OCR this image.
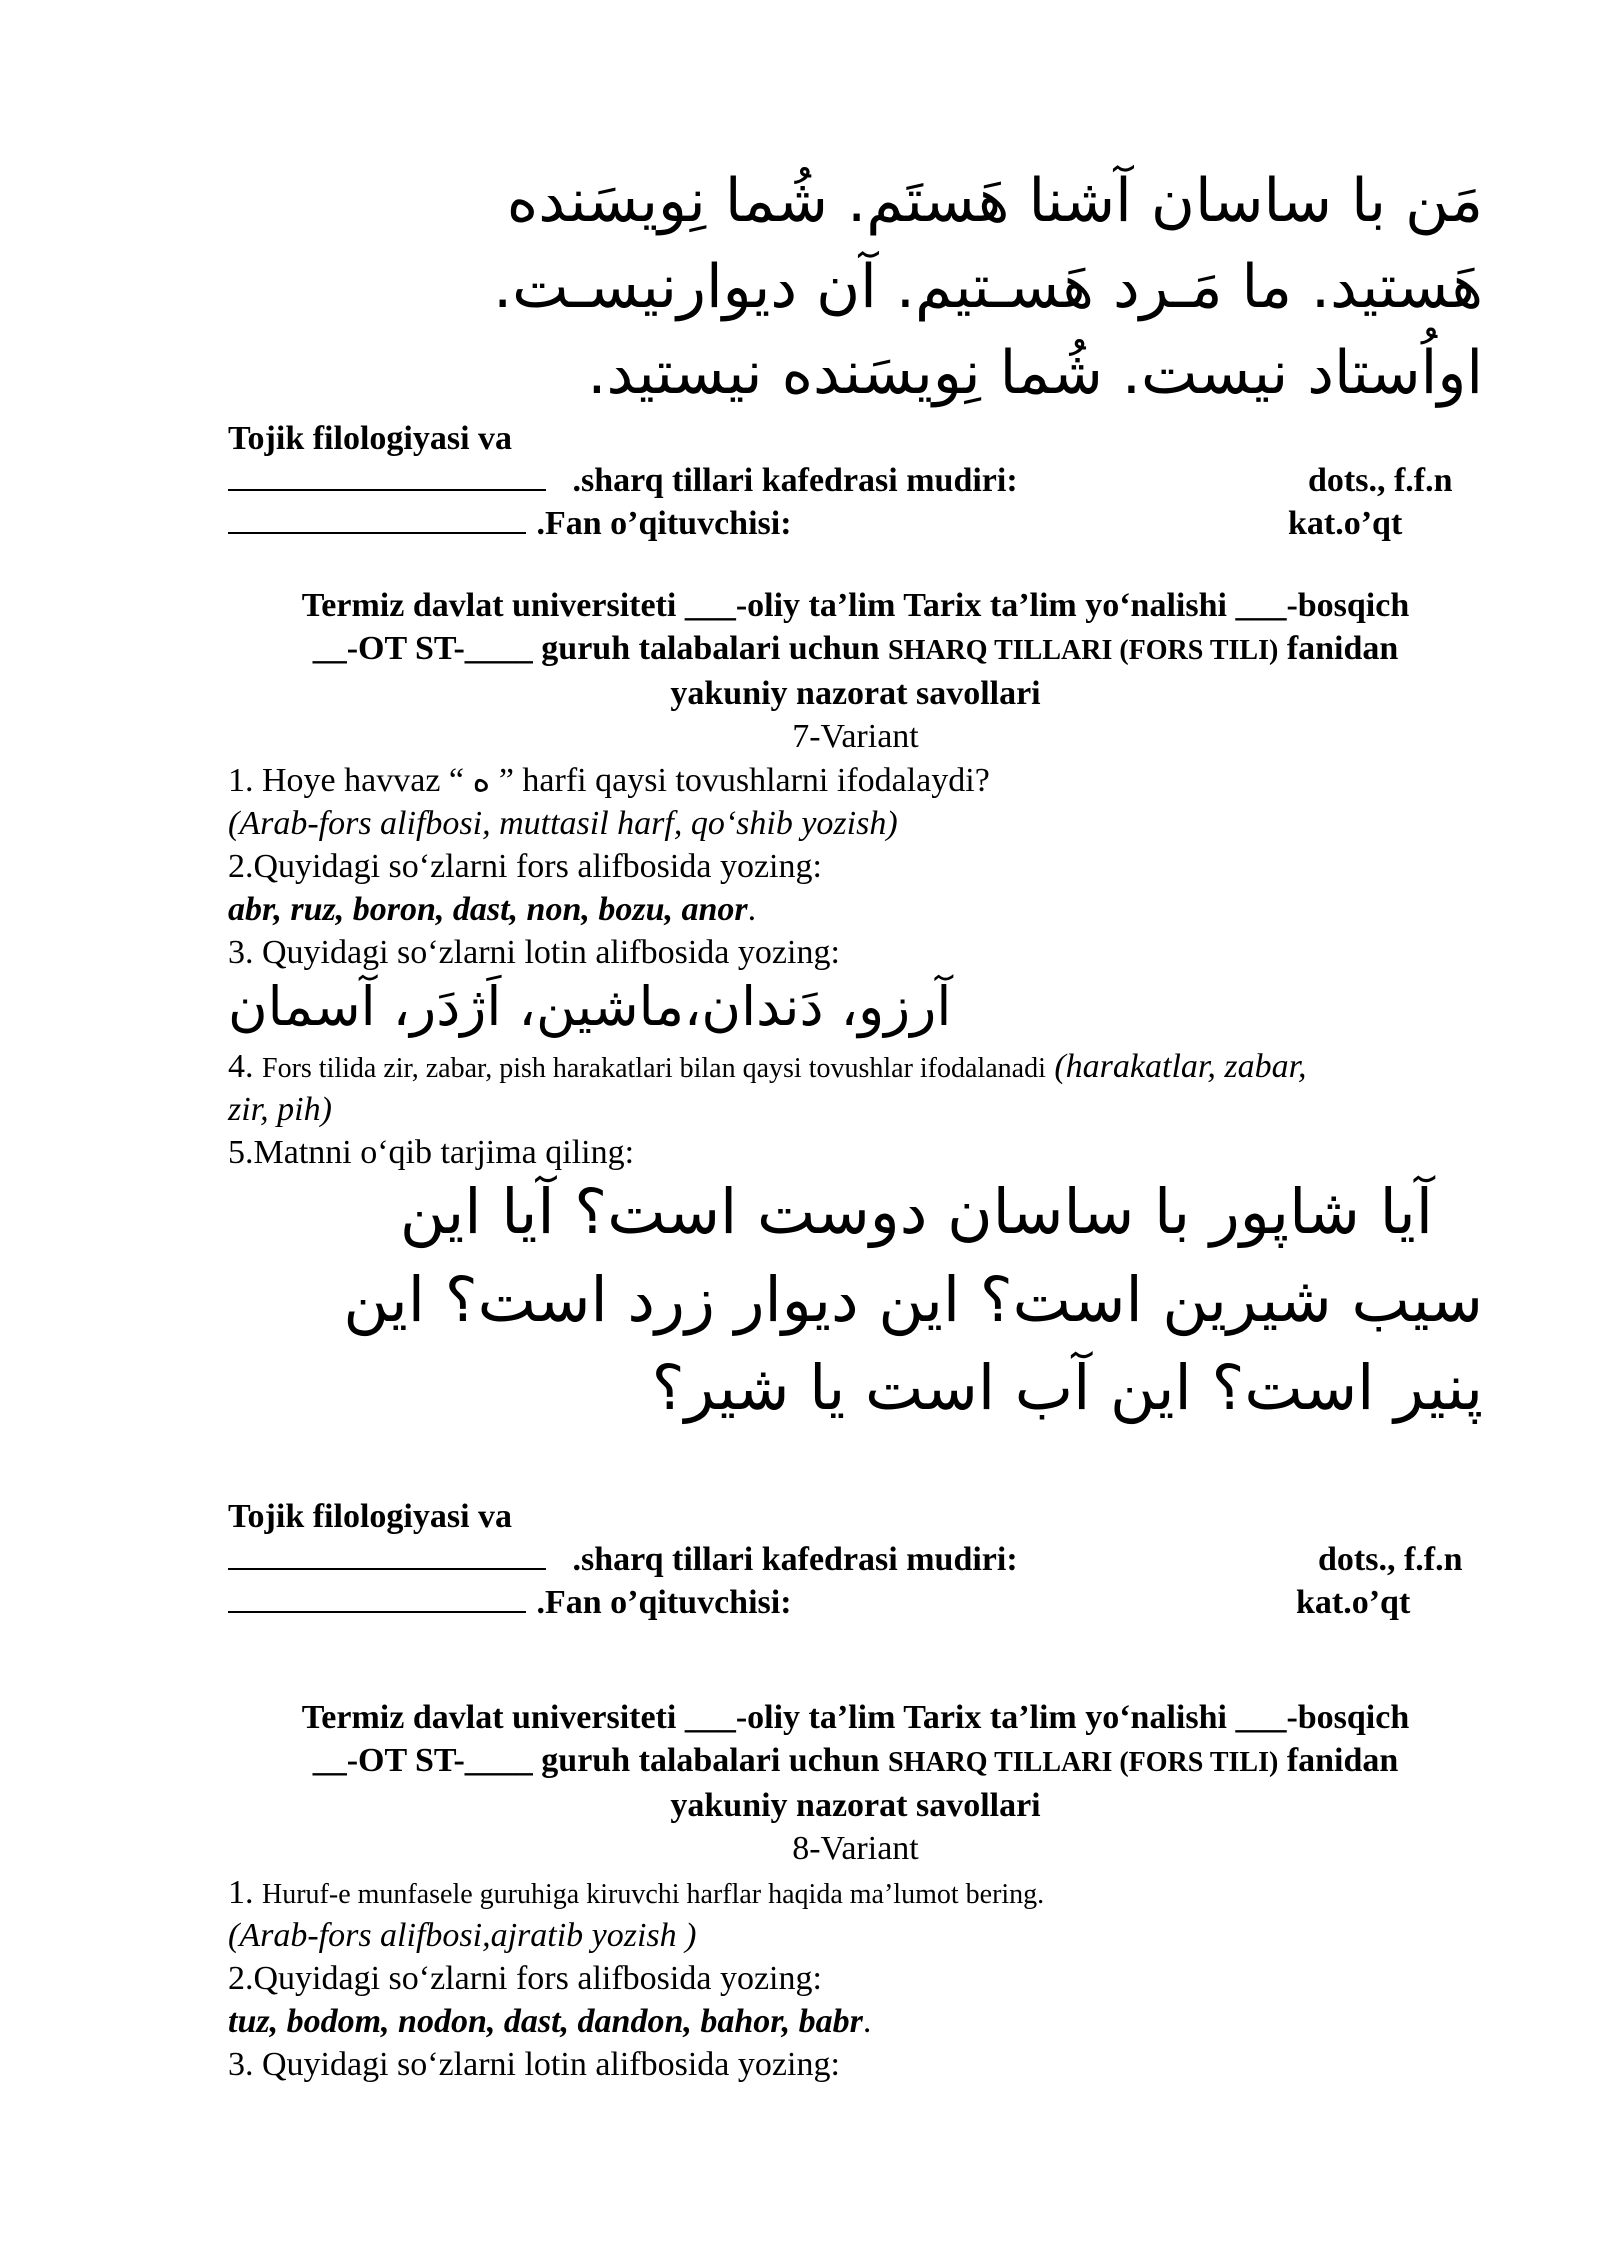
مَن با ساسان آشنا هَستَم. شُما نِویسَنده
هَستید. ما مَـرد هَسـتیم. آن دیوارنیسـت.
اواُستاد نیست. شُما نِویسَنده نیستید.
Tojik filologiyasi va
.sharq tillari kafedrasi mudiri:	dots., f.f.n
.Fan o’qituvchisi:	kat.o’qt
Termiz davlat universiteti ___-oliy ta’lim Tarix ta’lim yo‘nalishi ___-bosqich
__-OT ST-____ guruh talabalari uchun SHARQ TILLARI (FORS TILI) fanidan
yakuniy nazorat savollari
7-Variant
1. Hoye havvaz “ ه ” harfi qaysi tovushlarni ifodalaydi?
(Arab-fors alifbosi, muttasil harf, qo‘shib yozish)
2.Quyidagi so‘zlarni fors alifbosida yozing:
abr, ruz, boron, dast, non, bozu, anor.
3. Quyidagi so‘zlarni lotin alifbosida yozing:
آرزو، دَندان،ماشین، اَژدَر، آسمان
4. Fors tilida zir, zabar, pish harakatlari bilan qaysi tovushlar ifodalanadi (harakatlar, zabar,
zir, pih)
5.Matnni o‘qib tarjima qiling:
آیا شاپور با ساسان دوست است؟ آیا این
سیب شیرین است؟ این دیوار زرد است؟ این
پنیر است؟ این آب است یا شیر؟
Tojik filologiyasi va
.sharq tillari kafedrasi mudiri:	dots., f.f.n
.Fan o’qituvchisi:	kat.o’qt
Termiz davlat universiteti ___-oliy ta’lim Tarix ta’lim yo‘nalishi ___-bosqich
__-OT ST-____ guruh talabalari uchun SHARQ TILLARI (FORS TILI) fanidan
yakuniy nazorat savollari
8-Variant
1. Huruf-e munfasele guruhiga kiruvchi harflar haqida ma’lumot bering.
(Arab-fors alifbosi,ajratib yozish )
2.Quyidagi so‘zlarni fors alifbosida yozing:
tuz, bodom, nodon, dast, dandon, bahor, babr.
3. Quyidagi so‘zlarni lotin alifbosida yozing:
